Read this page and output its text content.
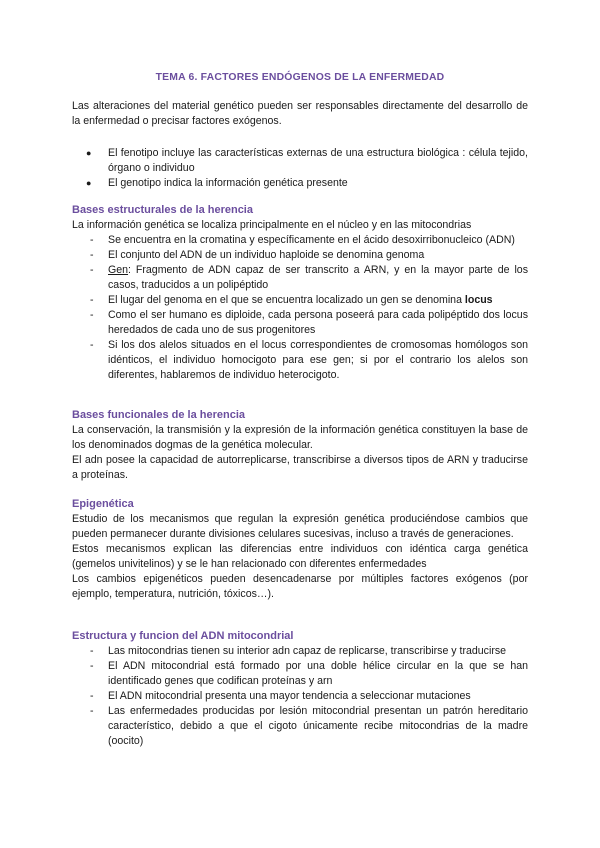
TEMA 6. FACTORES ENDÓGENOS DE LA ENFERMEDAD

Las alteraciones del material genético pueden ser responsables directamente del desarrollo de la enfermedad o precisar factores exógenos.

● El fenotipo incluye las características externas de una estructura biológica : célula tejido, órgano o individuo
● El genotipo indica la información genética presente
Bases estructurales de la herencia

La información genética se localiza principalmente en el núcleo y en las mitocondrias

- Se encuentra en la cromatina y específicamente en el ácido desoxirribonucleico (ADN)
- El conjunto del ADN de un individuo haploide se denomina genoma
- Gen: Fragmento de ADN capaz de ser transcrito a ARN, y en la mayor parte de los casos, traducidos a un polipéptido
- El lugar del genoma en el que se encuentra localizado un gen se denomina locus
- Como el ser humano es diploide, cada persona poseerá para cada polipéptido dos locus heredados de cada uno de sus progenitores
- Si los dos alelos situados en el locus correspondientes de cromosomas homólogos son idénticos, el individuo homocigoto para ese gen; si por el contrario los alelos son diferentes, hablaremos de individuo heterocigoto.
Bases funcionales de la herencia

La conservación, la transmisión y la expresión de la información genética constituyen la base de los denominados dogmas de la genética molecular.

El adn posee la capacidad de autorreplicarse, transcribirse a diversos tipos de ARN y traducirse a proteínas.

Epigenética

Estudio de los mecanismos que regulan la expresión genética produciéndose cambios que pueden permanecer durante divisiones celulares sucesivas, incluso a través de generaciones.

Estos mecanismos explican las diferencias entre individuos con idéntica carga genética (gemelos univitelinos) y se le han relacionado con diferentes enfermedades

Los cambios epigenéticos pueden desencadenarse por múltiples factores exógenos (por ejemplo, temperatura, nutrición, tóxicos…).

Estructura y funcion del ADN mitocondrial
- Las mitocondrias tienen su interior adn capaz de replicarse, transcribirse y traducirse
- El ADN mitocondrial está formado por una doble hélice circular en la que se han identificado genes que codifican proteínas y arn
- El ADN mitocondrial presenta una mayor tendencia a seleccionar mutaciones
- Las enfermedades producidas por lesión mitocondrial presentan un patrón hereditario característico, debido a que el cigoto únicamente recibe mitocondrias de la madre (oocito)
